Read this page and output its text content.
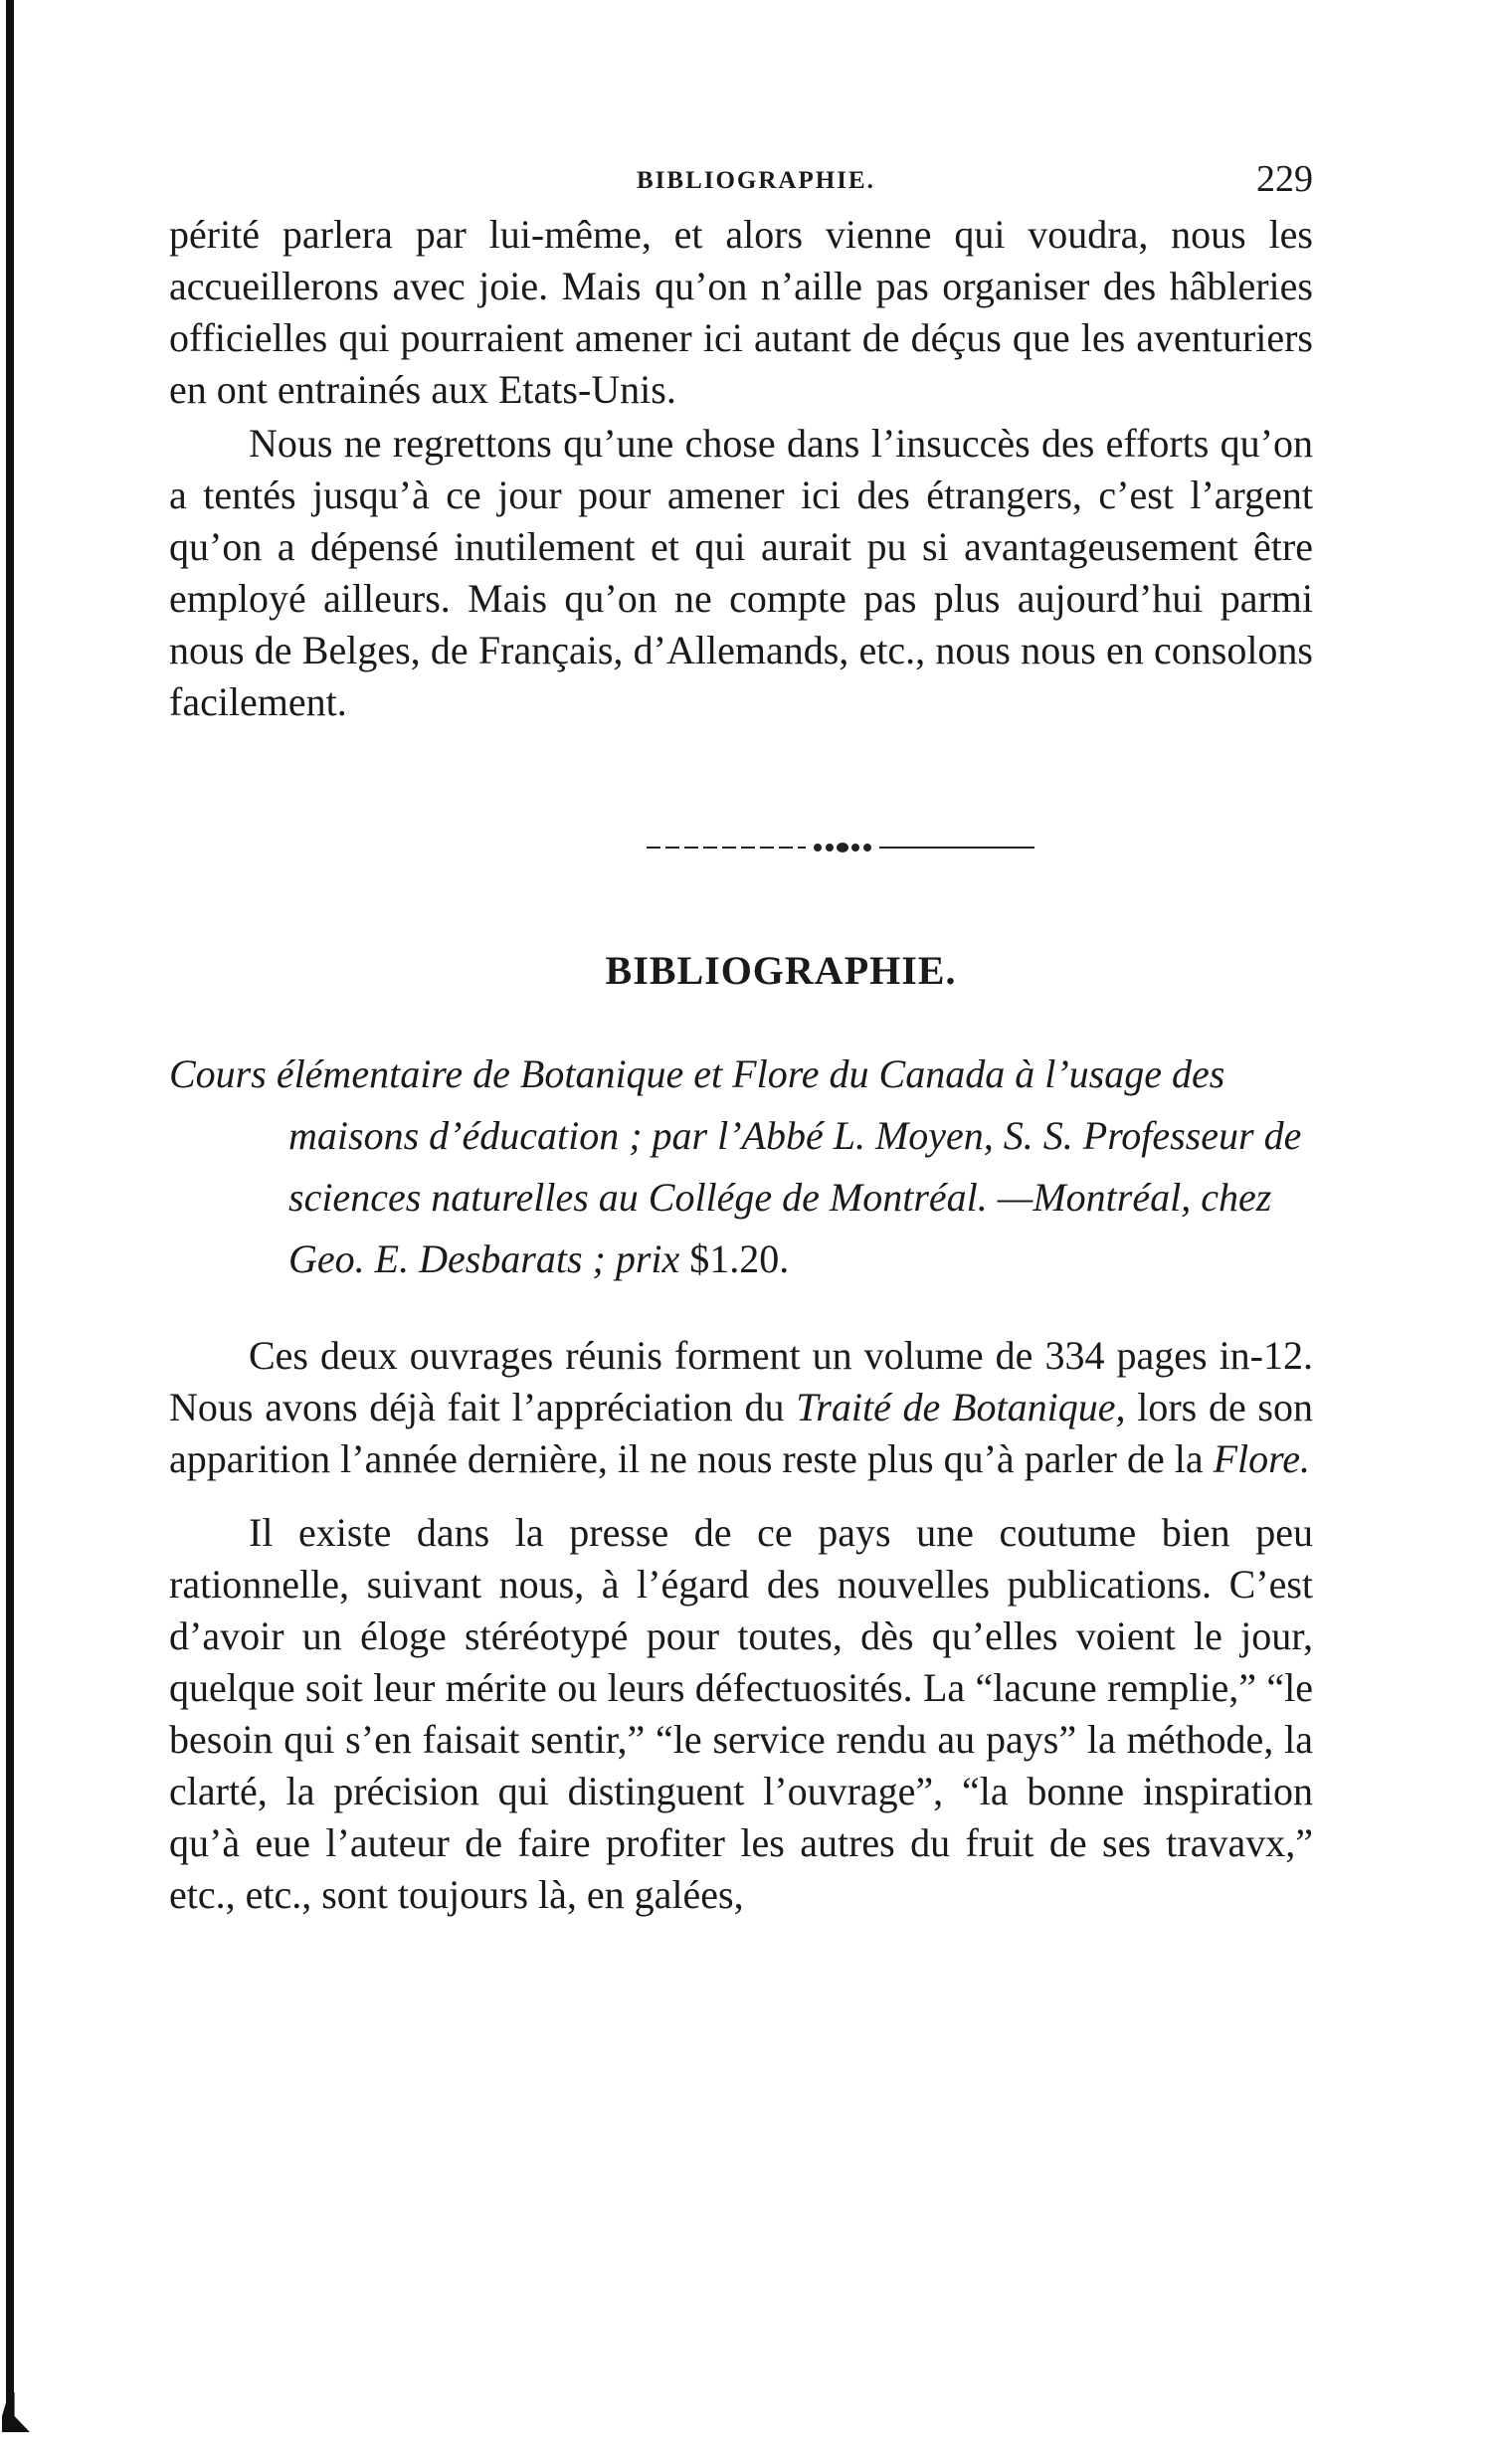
BIBLIOGRAPHIE.	229

périté parlera par lui-même, et alors vienne qui voudra, nous les accueillerons avec joie. Mais qu’on n’aille pas organiser des hâbleries officielles qui pourraient amener ici autant de déçus que les aventuriers en ont entrainés aux Etats-Unis.

Nous ne regrettons qu’une chose dans l’insuccès des efforts qu’on a tentés jusqu’à ce jour pour amener ici des étrangers, c’est l’argent qu’on a dépensé inutilement et qui aurait pu si avantageusement être employé ailleurs. Mais qu’on ne compte pas plus aujourd’hui parmi nous de Belges, de Français, d’Allemands, etc., nous nous en consolons facilement.

BIBLIOGRAPHIE.
Cours élémentaire de Botanique et Flore du Canada à l’usage des maisons d’éducation ; par l’Abbé L. Moyen, S. S. Professeur de sciences naturelles au Collége de Montréal. —Montréal, chez Geo. E. Desbarats ; prix $1.20.

Ces deux ouvrages réunis forment un volume de 334 pages in-12. Nous avons déjà fait l’appréciation du Traité de Botanique, lors de son apparition l’année dernière, il ne nous reste plus qu’à parler de la Flore.

Il existe dans la presse de ce pays une coutume bien peu rationnelle, suivant nous, à l’égard des nouvelles publications. C’est d’avoir un éloge stéréotypé pour toutes, dès qu’elles voient le jour, quelque soit leur mérite ou leurs défectuosités. La “lacune remplie,” “le besoin qui s’en faisait sentir,” “le service rendu au pays” la méthode, la clarté, la précision qui distinguent l’ouvrage”, “la bonne inspiration qu’à eue l’auteur de faire profiter les autres du fruit de ses travavx,” etc., etc., sont toujours là, en galées,
